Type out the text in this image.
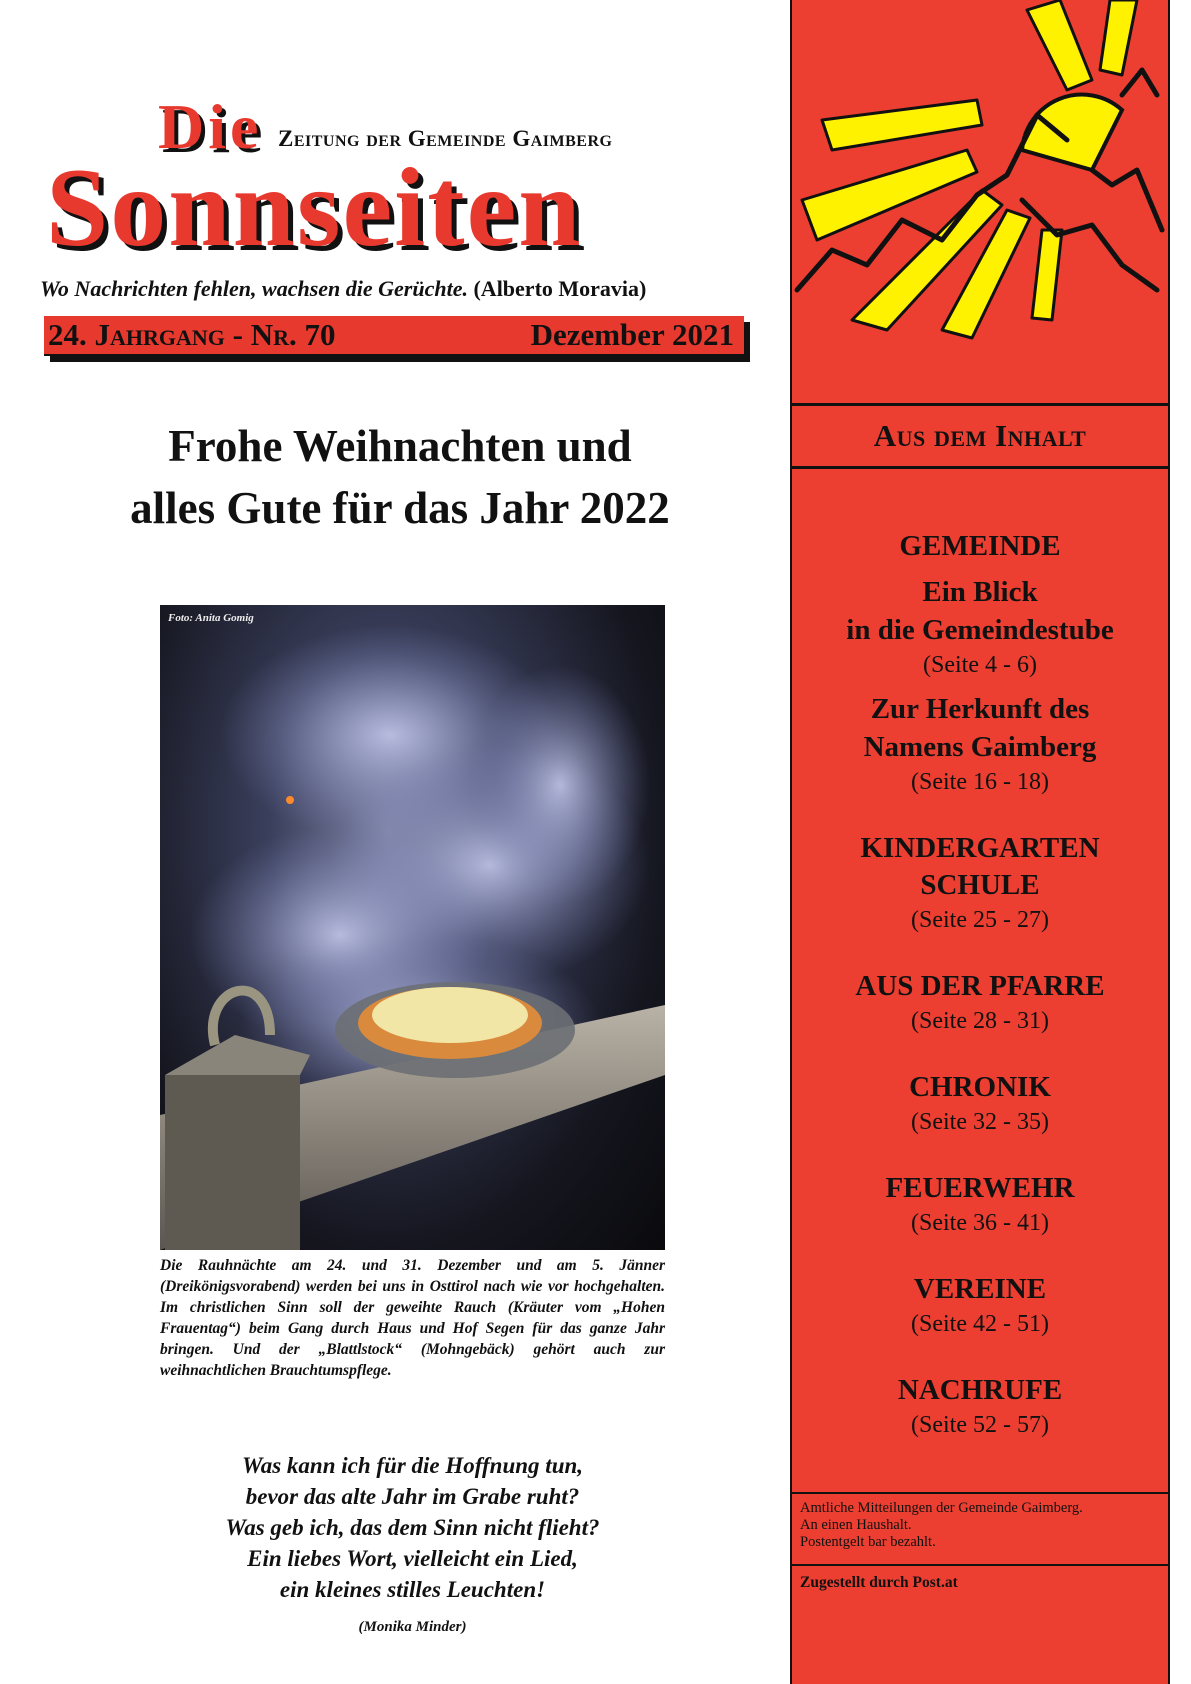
Die Zeitung der Gemeinde Gaimberg
Sonnseiten
Wo Nachrichten fehlen, wachsen die Gerüchte. (Alberto Moravia)
24. Jahrgang - Nr. 70	Dezember 2021
Frohe Weihnachten und
alles Gute für das Jahr 2022
Foto: Anita Gomig
Die Rauhnächte am 24. und 31. Dezember und am 5. Jänner (Dreikönigsvorabend) werden bei uns in Osttirol nach wie vor hochgehalten. Im christlichen Sinn soll der geweihte Rauch (Kräuter vom „Hohen Frauentag“) beim Gang durch Haus und Hof Segen für das ganze Jahr bringen. Und der „Blattlstock“ (Mohngebäck) gehört auch zur weihnachtlichen Brauchtumspflege.
Was kann ich für die Hoffnung tun,
bevor das alte Jahr im Grabe ruht?
Was geb ich, das dem Sinn nicht flieht?
Ein liebes Wort, vielleicht ein Lied,
ein kleines stilles Leuchten!
(Monika Minder)
Aus dem Inhalt
GEMEINDE
Ein Blick
in die Gemeindestube
(Seite 4 - 6)
Zur Herkunft des
Namens Gaimberg
(Seite 16 - 18)
KINDERGARTEN
SCHULE
(Seite 25 - 27)
AUS DER PFARRE
(Seite 28 - 31)
CHRONIK
(Seite 32 - 35)
FEUERWEHR
(Seite 36 - 41)
VEREINE
(Seite 42 - 51)
NACHRUFE
(Seite 52 - 57)
Amtliche Mitteilungen der Gemeinde Gaimberg.
An einen Haushalt.
Postentgelt bar bezahlt.
Zugestellt durch Post.at
